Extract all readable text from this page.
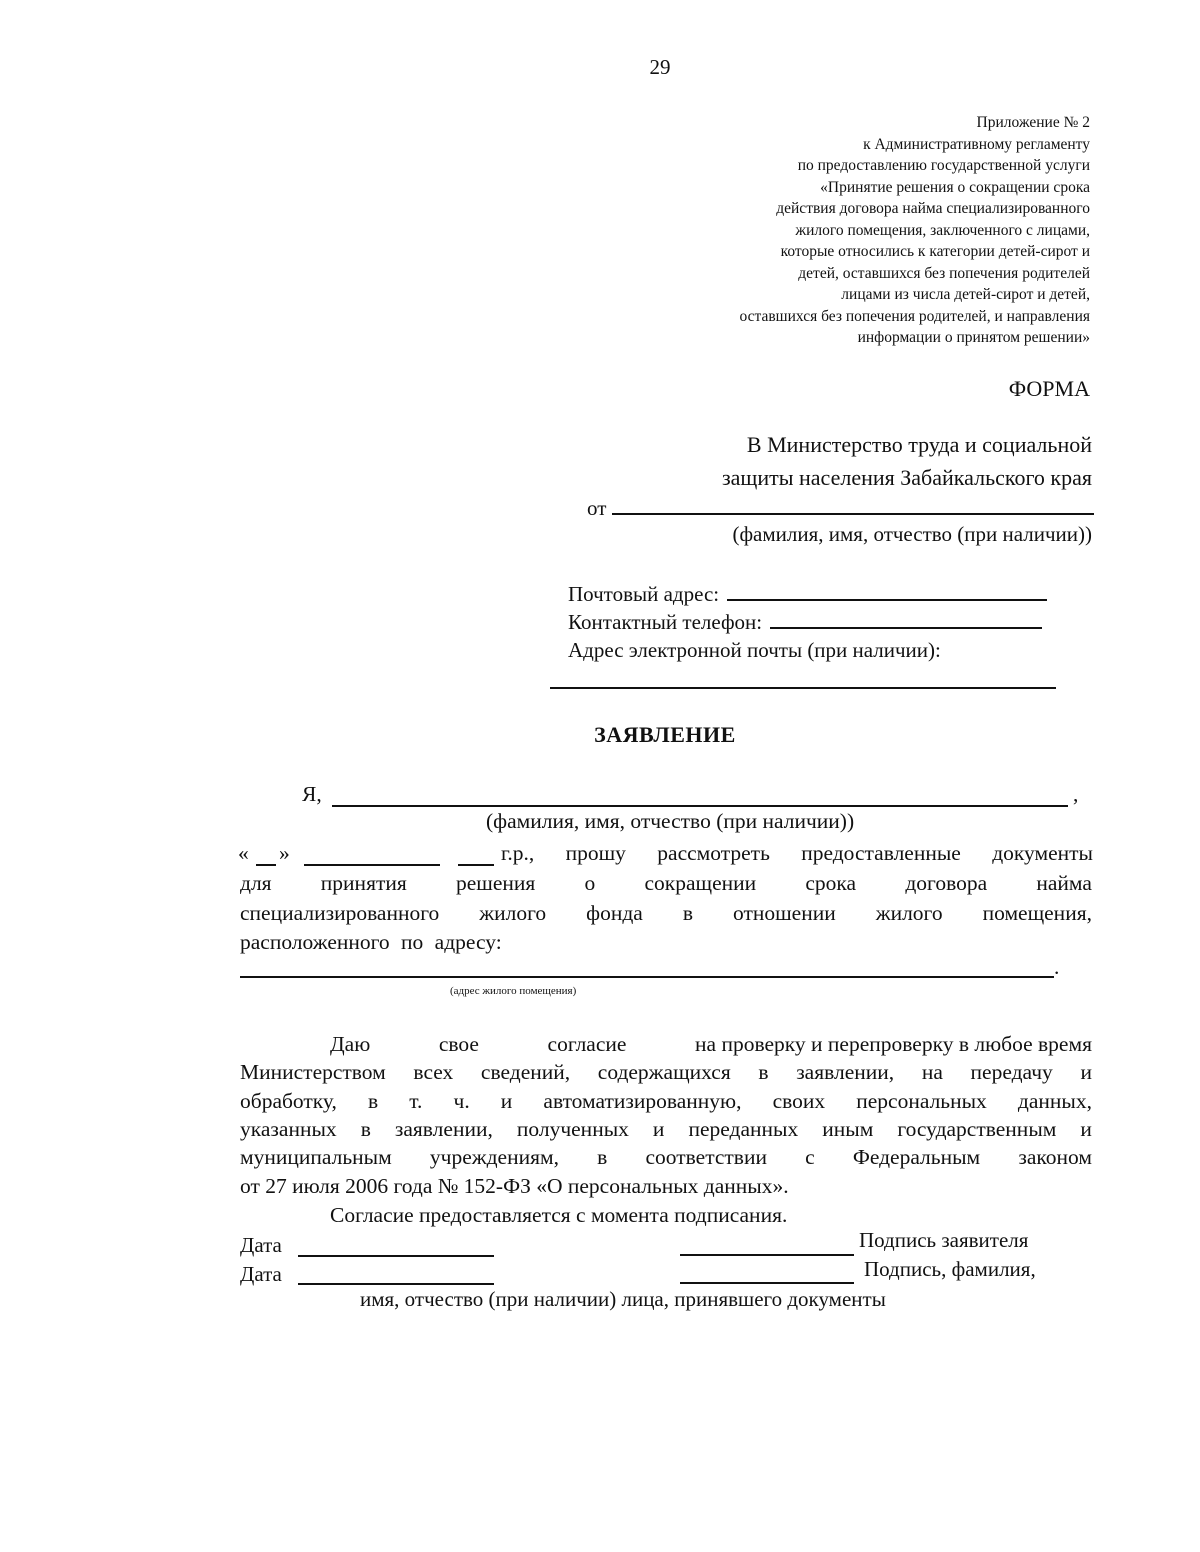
29
Приложение № 2
к Административному регламенту
по предоставлению государственной услуги
«Принятие решения о сокращении срока
действия договора найма специализированного
жилого помещения, заключенного с лицами,
которые относились к категории детей-сирот и
детей, оставшихся без попечения родителей
лицами из числа детей-сирот и детей,
оставшихся без попечения родителей, и направления
информации о принятом решении»
ФОРМА
В Министерство труда и социальной
защиты населения Забайкальского края
от
(фамилия, имя, отчество (при наличии))
Почтовый адрес:
Контактный телефон:
Адрес электронной почты (при наличии):
ЗАЯВЛЕНИЕ
Я,	,
(фамилия, имя, отчество (при наличии))
« »	г.р., прошу рассмотреть предоставленные документы
для принятия решения о сокращении срока договора найма
специализированного жилого фонда в отношении жилого помещения,
расположенного по адресу:
.
(адрес жилого помещения)
Даю	свое	согласие	на проверку и перепроверку в любое время
Министерством всех сведений, содержащихся в заявлении, на передачу и
обработку, в т. ч. и автоматизированную, своих персональных данных,
указанных в заявлении, полученных и переданных иным государственным и
муниципальным учреждениям, в соответствии с Федеральным законом
от 27 июля 2006 года № 152-ФЗ «О персональных данных».
Согласие предоставляется с момента подписания.
Дата	Подпись заявителя
Дата	Подпись, фамилия,
имя, отчество (при наличии) лица, принявшего документы
